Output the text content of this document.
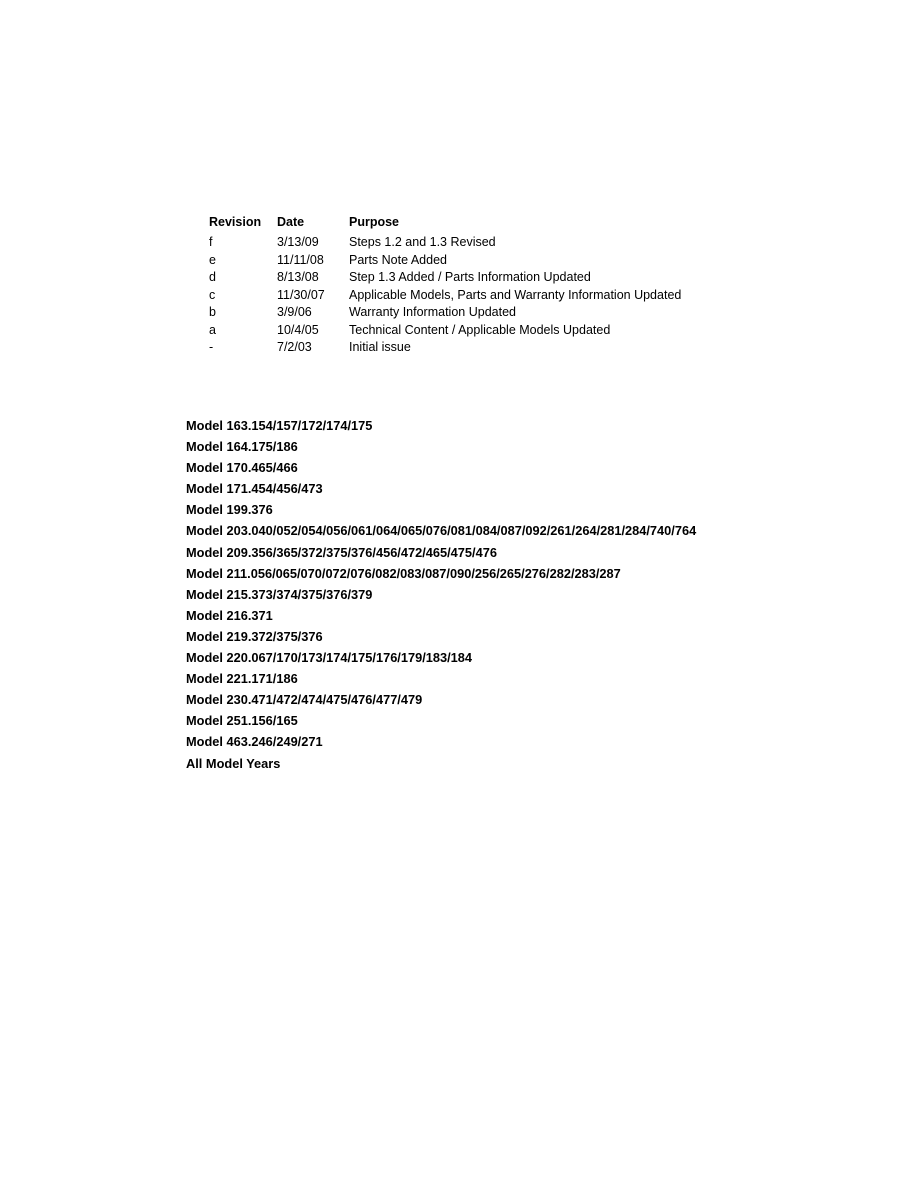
Revision	Date	Purpose
f	3/13/09	Steps 1.2 and 1.3 Revised
e	11/11/08	Parts Note Added
d	8/13/08	Step 1.3 Added / Parts Information Updated
c	11/30/07	Applicable Models, Parts and Warranty Information Updated
b	3/9/06	Warranty Information Updated
a	10/4/05	Technical Content / Applicable Models Updated
-	7/2/03	Initial issue
Model 163.154/157/172/174/175
Model 164.175/186
Model 170.465/466
Model 171.454/456/473
Model 199.376
Model 203.040/052/054/056/061/064/065/076/081/084/087/092/261/264/281/284/740/764
Model 209.356/365/372/375/376/456/472/465/475/476
Model 211.056/065/070/072/076/082/083/087/090/256/265/276/282/283/287
Model 215.373/374/375/376/379
Model 216.371
Model 219.372/375/376
Model 220.067/170/173/174/175/176/179/183/184
Model 221.171/186
Model 230.471/472/474/475/476/477/479
Model 251.156/165
Model 463.246/249/271
All Model Years
